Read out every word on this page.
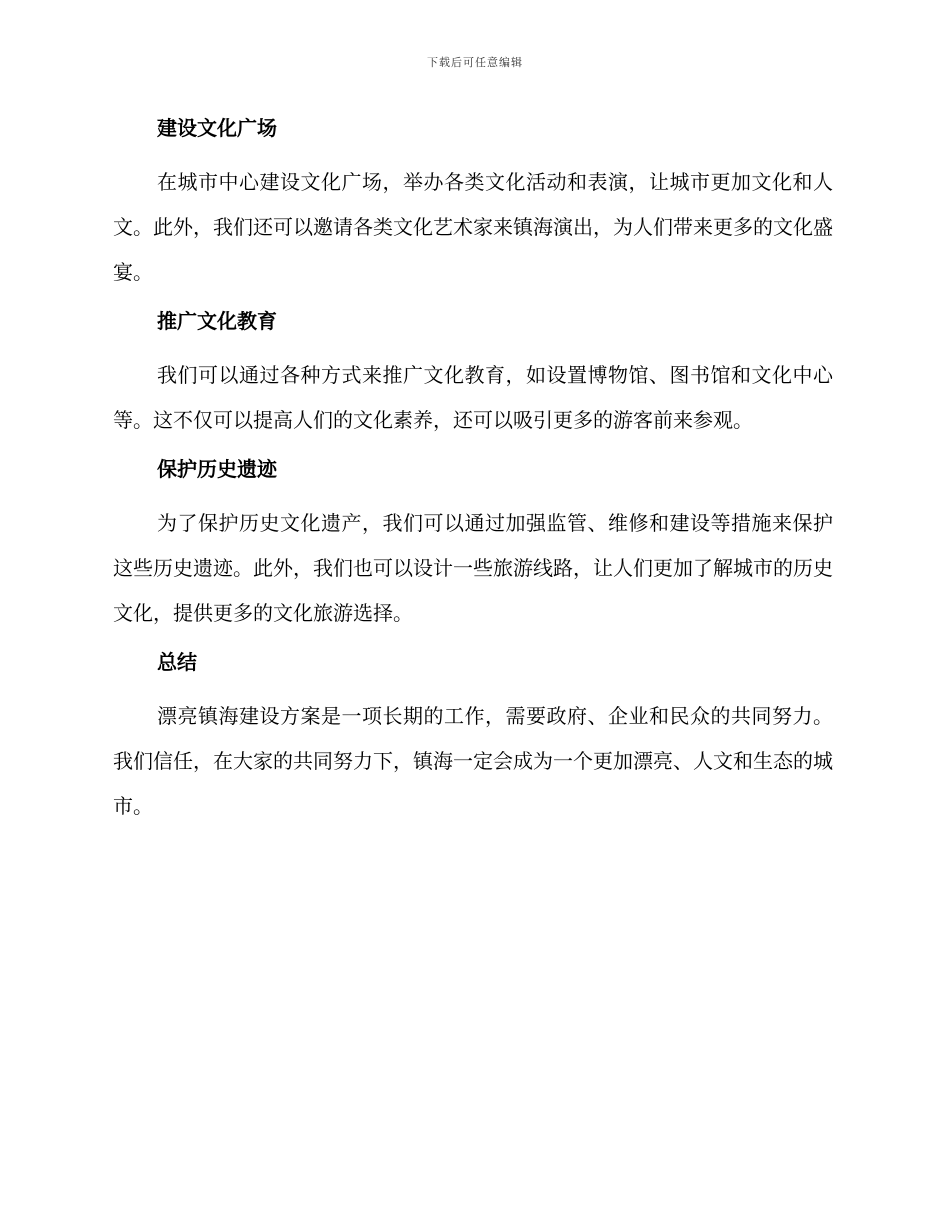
下载后可任意编辑
建设文化广场

在城市中心建设文化广场，举办各类文化活动和表演，让城市更加文化和人文。此外，我们还可以邀请各类文化艺术家来镇海演出，为人们带来更多的文化盛宴。

推广文化教育

我们可以通过各种方式来推广文化教育，如设置博物馆、图书馆和文化中心等。这不仅可以提高人们的文化素养，还可以吸引更多的游客前来参观。

保护历史遗迹

为了保护历史文化遗产，我们可以通过加强监管、维修和建设等措施来保护这些历史遗迹。此外，我们也可以设计一些旅游线路，让人们更加了解城市的历史文化，提供更多的文化旅游选择。

总结

漂亮镇海建设方案是一项长期的工作，需要政府、企业和民众的共同努力。我们信任，在大家的共同努力下，镇海一定会成为一个更加漂亮、人文和生态的城市。
